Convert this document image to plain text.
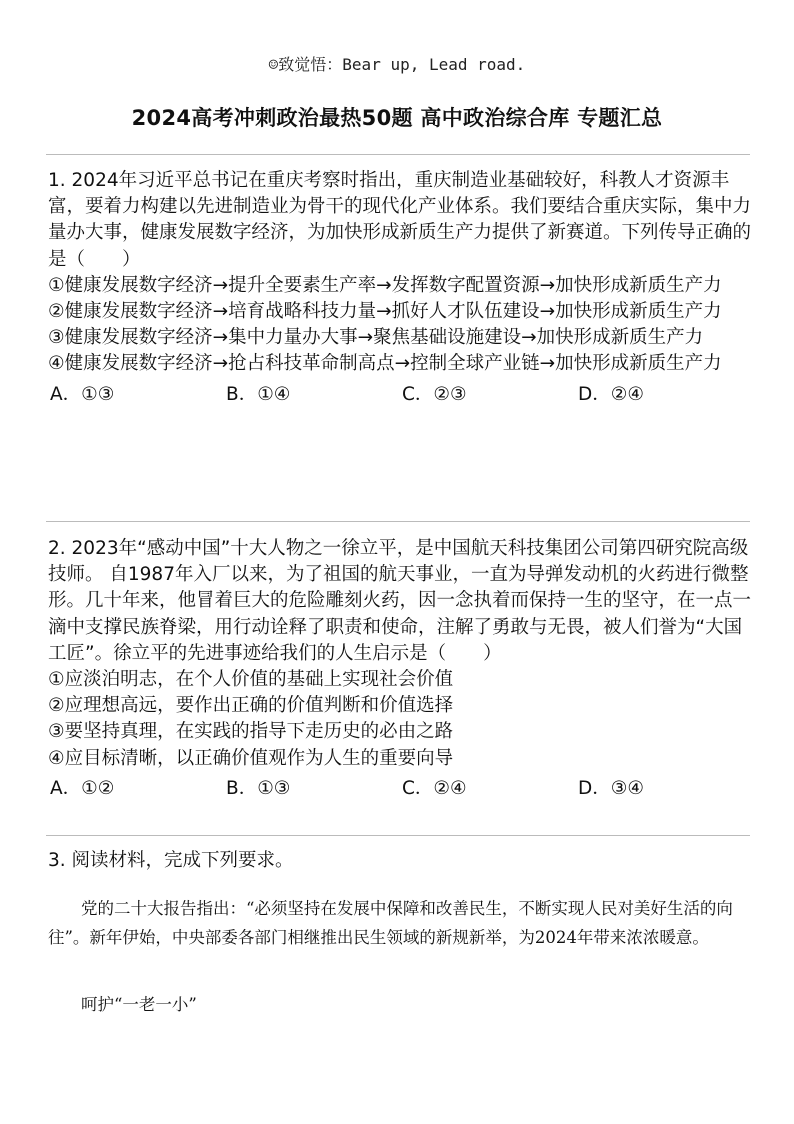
☺致觉悟：Bear up, Lead road.
2024高考冲刺政治最热50题 高中政治综合库 专题汇总

1. 2024年习近平总书记在重庆考察时指出，重庆制造业基础较好，科教人才资源丰富，要着力构建以先进制造业为骨干的现代化产业体系。我们要结合重庆实际，集中力量办大事，健康发展数字经济，为加快形成新质生产力提供了新赛道。下列传导正确的是（　　）

①健康发展数字经济→提升全要素生产率→发挥数字配置资源→加快形成新质生产力

②健康发展数字经济→培育战略科技力量→抓好人才队伍建设→加快形成新质生产力

③健康发展数字经济→集中力量办大事→聚焦基础设施建设→加快形成新质生产力

④健康发展数字经济→抢占科技革命制高点→控制全球产业链→加快形成新质生产力

A．①③	B．①④	C．②③	D．②④

2. 2023年“感动中国”十大人物之一徐立平，是中国航天科技集团公司第四研究院高级技师。 自1987年入厂以来，为了祖国的航天事业，一直为导弹发动机的火药进行微整形。几十年来，他冒着巨大的危险雕刻火药，因一念执着而保持一生的坚守，在一点一滴中支撑民族脊梁，用行动诠释了职责和使命，注解了勇敢与无畏，被人们誉为“大国工匠”。徐立平的先进事迹给我们的人生启示是（　　）

①应淡泊明志，在个人价值的基础上实现社会价值

②应理想高远，要作出正确的价值判断和价值选择

③要坚持真理，在实践的指导下走历史的必由之路

④应目标清晰，以正确价值观作为人生的重要向导

A．①②	B．①③	C．②④	D．③④

3. 阅读材料，完成下列要求。

党的二十大报告指出：“必须坚持在发展中保障和改善民生，不断实现人民对美好生活的向往”。新年伊始，中央部委各部门相继推出民生领域的新规新举，为2024年带来浓浓暖意。

呵护“一老一小”
